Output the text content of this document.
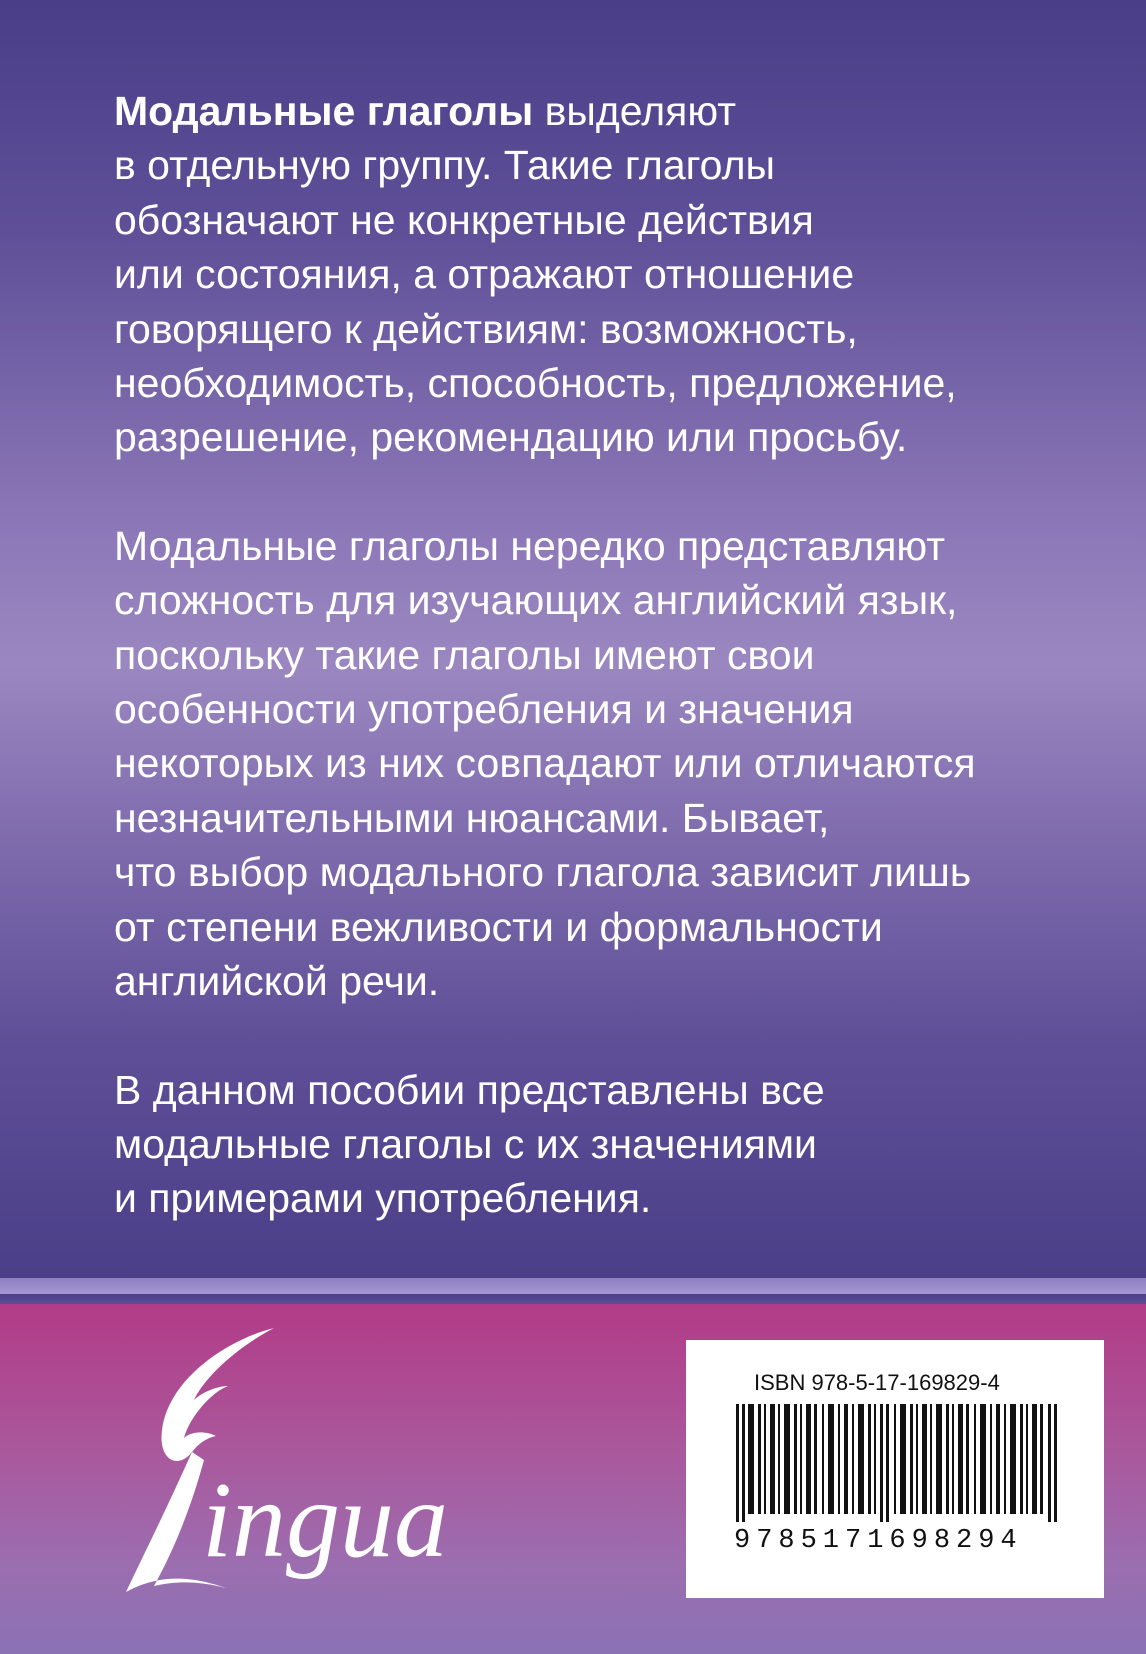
Модальные глаголы выделяют
в отдельную группу. Такие глаголы
обозначают не конкретные действия
или состояния, а отражают отношение
говорящего к действиям: возможность,
необходимость, способность, предложение,
разрешение, рекомендацию или просьбу.

Модальные глаголы нередко представляют
сложность для изучающих английский язык,
поскольку такие глаголы имеют свои
особенности употребления и значения
некоторых из них совпадают или отличаются
незначительными нюансами. Бывает,
что выбор модального глагола зависит лишь
от степени вежливости и формальности
английской речи.

В данном пособии представлены все
модальные глаголы с их значениями
и примерами употребления.

ingua
ISBN 978-5-17-169829-4
9785171698294
